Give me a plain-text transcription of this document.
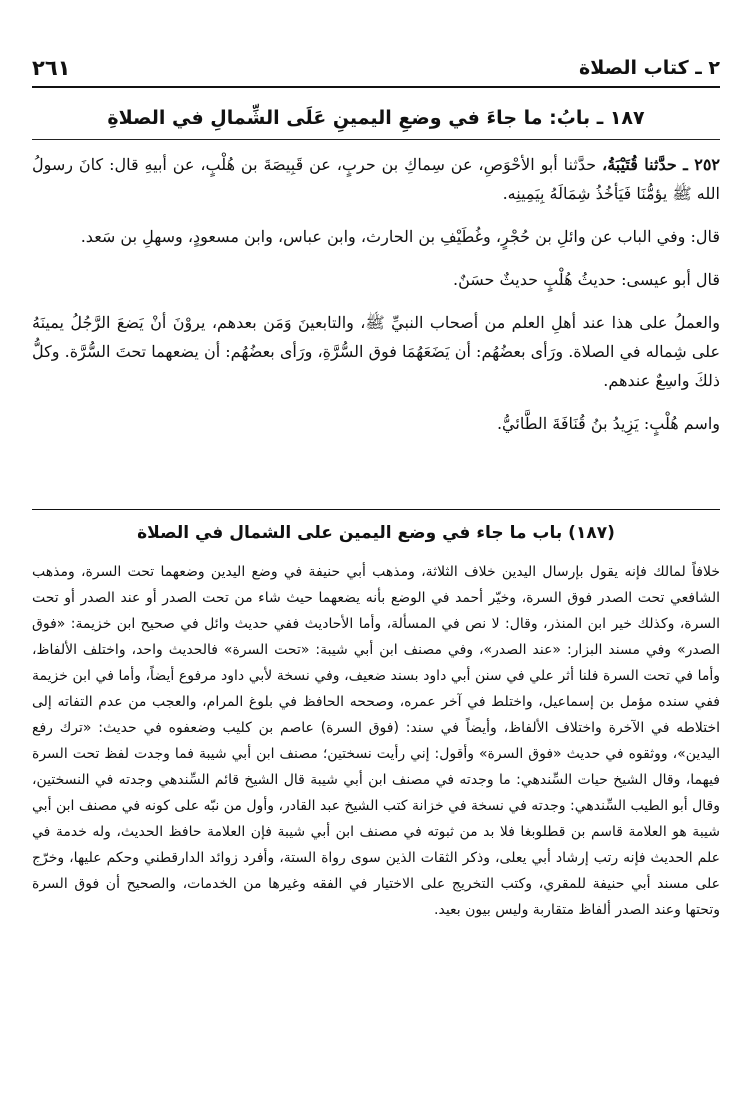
٢ ـ كتاب الصلاة
٢٦١
١٨٧ ـ بابُ: ما جاءَ في وضعِ اليمينِ عَلَى الشِّمالِ في الصلاةِ

٢٥٢ ـ حدَّثنا قُتَيْبَةُ، حدَّثنا أبو الأحْوَصِ، عن سِماكِ بن حربٍ، عن قَبِيصَةَ بن هُلْبٍ، عن أبيهِ قال: كانَ رسولُ الله ﷺ يؤمُّنَا فَيَأخُذُ شِمَالَهُ بِيَمِينِه.

قال: وفي الباب عن وائلِ بن حُجْرٍ، وغُطَيْفِ بن الحارث، وابن عباس، وابن مسعودٍ، وسهلِ بن سَعد.

قال أبو عيسى: حديثُ هُلْبٍ حديثٌ حسَنٌ.

والعملُ على هذا عند أهلِ العلم من أصحاب النبيِّ ﷺ، والتابعينَ وَمَن بعدهم، يروْنَ أنْ يَضعَ الرَّجُلُ يمينَهُ على شِماله في الصلاة. ورَأى بعضُهُم: أن يَضَعَهُمَا فوق السُّرَّةِ، ورَأى بعضُهُم: أن يضعهما تحتَ السُّرَّة. وكلُّ ذلكَ واسِعٌ عندهم.

واسم هُلْبٍ: يَزِيدُ بنُ قُنَافَةَ الطَّائيُّ.

(١٨٧) باب ما جاء في وضع اليمين على الشمال في الصلاة
خلافاً لمالك فإنه يقول بإرسال اليدين خلاف الثلاثة، ومذهب أبي حنيفة في وضع اليدين وضعهما تحت السرة، ومذهب الشافعي تحت الصدر فوق السرة، وخيّر أحمد في الوضع بأنه يضعهما حيث شاء من تحت الصدر أو عند الصدر أو تحت السرة، وكذلك خير ابن المنذر، وقال: لا نص في المسألة، وأما الأحاديث ففي حديث وائل في صحيح ابن خزيمة: «فوق الصدر» وفي مسند البزار: «عند الصدر»، وفي مصنف ابن أبي شيبة: «تحت السرة» فالحديث واحد، واختلف الألفاظ، وأما في تحت السرة فلنا أثر علي في سنن أبي داود بسند ضعيف، وفي نسخة لأبي داود مرفوع أيضاً، وأما في ابن خزيمة ففي سنده مؤمل بن إسماعيل، واختلط في آخر عمره، وصححه الحافظ في بلوغ المرام، والعجب من عدم التفاته إلى اختلاطه في الآخرة واختلاف الألفاظ، وأيضاً في سند: (فوق السرة) عاصم بن كليب وضعفوه في حديث: «ترك رفع اليدين»، ووثقوه في حديث «فوق السرة» وأقول: إني رأيت نسختين؛ مصنف ابن أبي شيبة فما وجدت لفظ تحت السرة فيهما، وقال الشيخ حيات السِّندهي: ما وجدته في مصنف ابن أبي شيبة قال الشيخ قائم السِّندهي وجدته في النسختين، وقال أبو الطيب السِّندهي: وجدته في نسخة في خزانة كتب الشيخ عبد القادر، وأول من نبّه على كونه في مصنف ابن أبي شيبة هو العلامة قاسم بن قطلوبغا فلا بد من ثبوته في مصنف ابن أبي شيبة فإن العلامة حافظ الحديث، وله خدمة في علم الحديث فإنه رتب إرشاد أبي يعلى، وذكر الثقات الذين سوى رواة الستة، وأفرد زوائد الدارقطني وحكم عليها، وخرّج على مسند أبي حنيفة للمقري، وكتب التخريج على الاختيار في الفقه وغيرها من الخدمات، والصحيح أن فوق السرة وتحتها وعند الصدر ألفاظ متقاربة وليس بيون بعيد.
